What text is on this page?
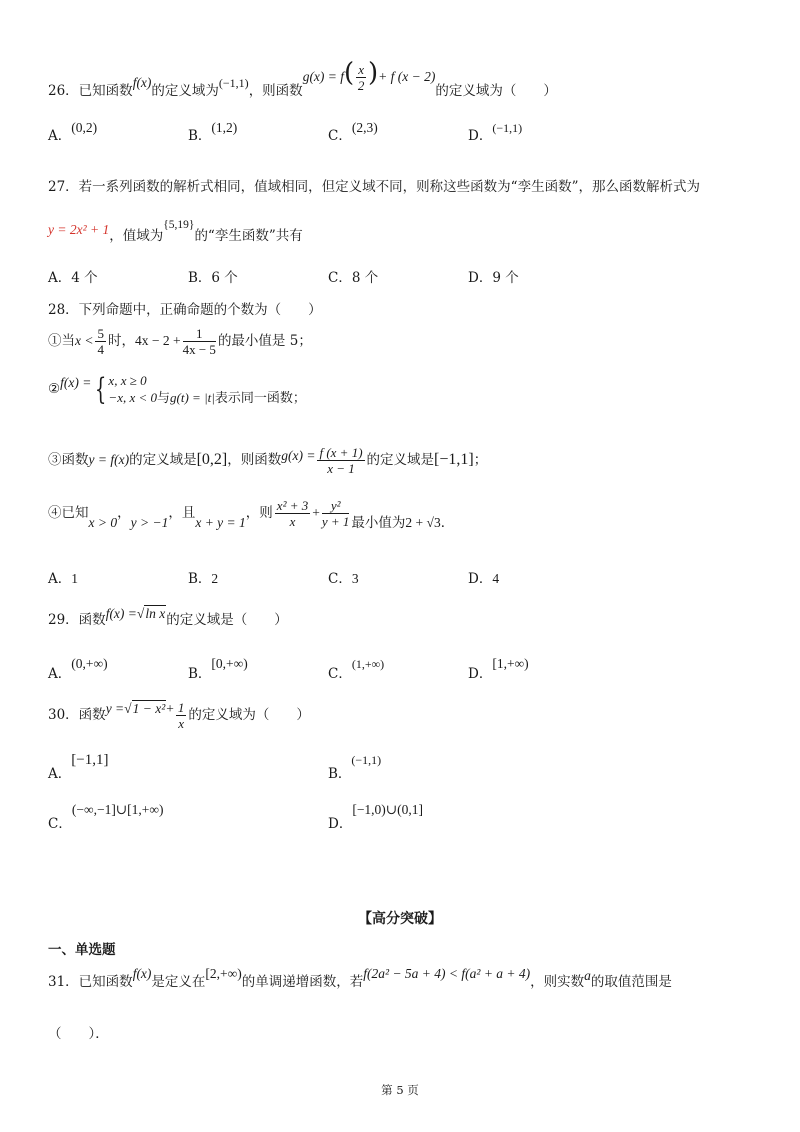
26．已知函数f(x)的定义域为(−1,1)，则函数$g(x) = f( \frac{x}{2}$ )+ f (x − 2)的定义域为（　　）
A．(0,2)
B．(1,2)
C．(2,3)
D．(−1,1)
27．若一系列函数的解析式相同，值域相同，但定义域不同，则称这些函数为“孪生函数”，那么函数解析式为
y = 2x² + 1，值域为{5,19}的“孪生函数”共有
A．4 个	B．6 个	C．8 个	D．9 个
28．下列命题中，正确命题的个数为（　　）
①当$x < \frac{5}{4}$ 时，$4x - 2 + \frac{1}{4x - 5}$ 的最小值是 5；
②f(x) = { x, x ≥ 0
−x, x < 0与g(t) = |t|表示同一函数；
③函数y = f(x)的定义域是[0,2]，则函数$g(x) = \frac{f (x + 1)}{x - 1}$ 的定义域是[−1,1]；
④已知x > 0，y > −1，且x + y = 1，则 $\frac{\text{x² + 3}}{x} + \frac{\text{y²}}{y + 1}$ 最小值为2 + √3．
A．1	B．2	C．3	D．4
29．函数f(x) =√ln x的定义域是（　　）
A．(0,+∞)
B．[0,+∞)
C．(1,+∞)
D．[1,+∞)
30．函数$y =√1 - x^2+ \frac{1}{x}$ 的定义域为（　　）
A．[−1,1]
B．(−1,1)
C．(−∞,−1]∪[1,+∞)
D．[−1,0)∪(0,1]
【高分突破】
一、单选题
31．已知函数f(x)是定义在[2,+∞)的单调递增函数，若f(2a² − 5a + 4) < f(a² + a + 4)，则实数a的取值范围是
（　　）．
第 5 页
